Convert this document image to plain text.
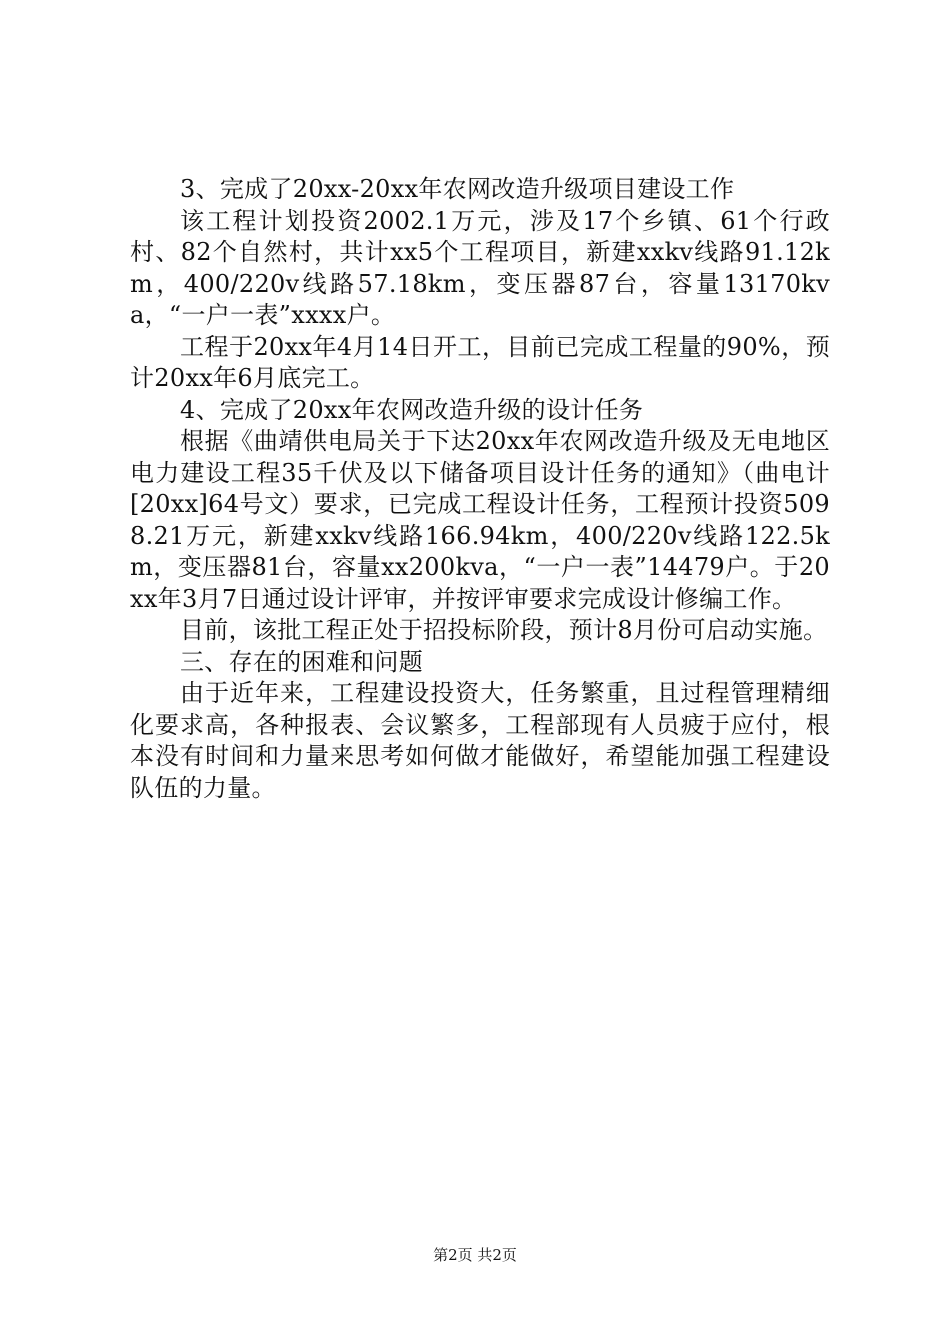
3、完成了20xx-20xx年农网改造升级项目建设工作

该工程计划投资2002.1万元，涉及17个乡镇、61个行政村、82个自然村，共计xx5个工程项目，新建xxkv线路91.12km，400/220v线路57.18km，变压器87台，容量13170kva，“一户一表”xxxx户。

工程于20xx年4月14日开工，目前已完成工程量的90%，预计20xx年6月底完工。

4、完成了20xx年农网改造升级的设计任务

根据《曲靖供电局关于下达20xx年农网改造升级及无电地区电力建设工程35千伏及以下储备项目设计任务的通知》（曲电计[20xx]64号文）要求，已完成工程设计任务，工程预计投资5098.21万元，新建xxkv线路166.94km，400/220v线路122.5km，变压器81台，容量xx200kva，“一户一表”14479户。于20xx年3月7日通过设计评审，并按评审要求完成设计修编工作。

目前，该批工程正处于招投标阶段，预计8月份可启动实施。

三、存在的困难和问题

由于近年来，工程建设投资大，任务繁重，且过程管理精细化要求高，各种报表、会议繁多，工程部现有人员疲于应付，根本没有时间和力量来思考如何做才能做好，希望能加强工程建设队伍的力量。

第2页 共2页
